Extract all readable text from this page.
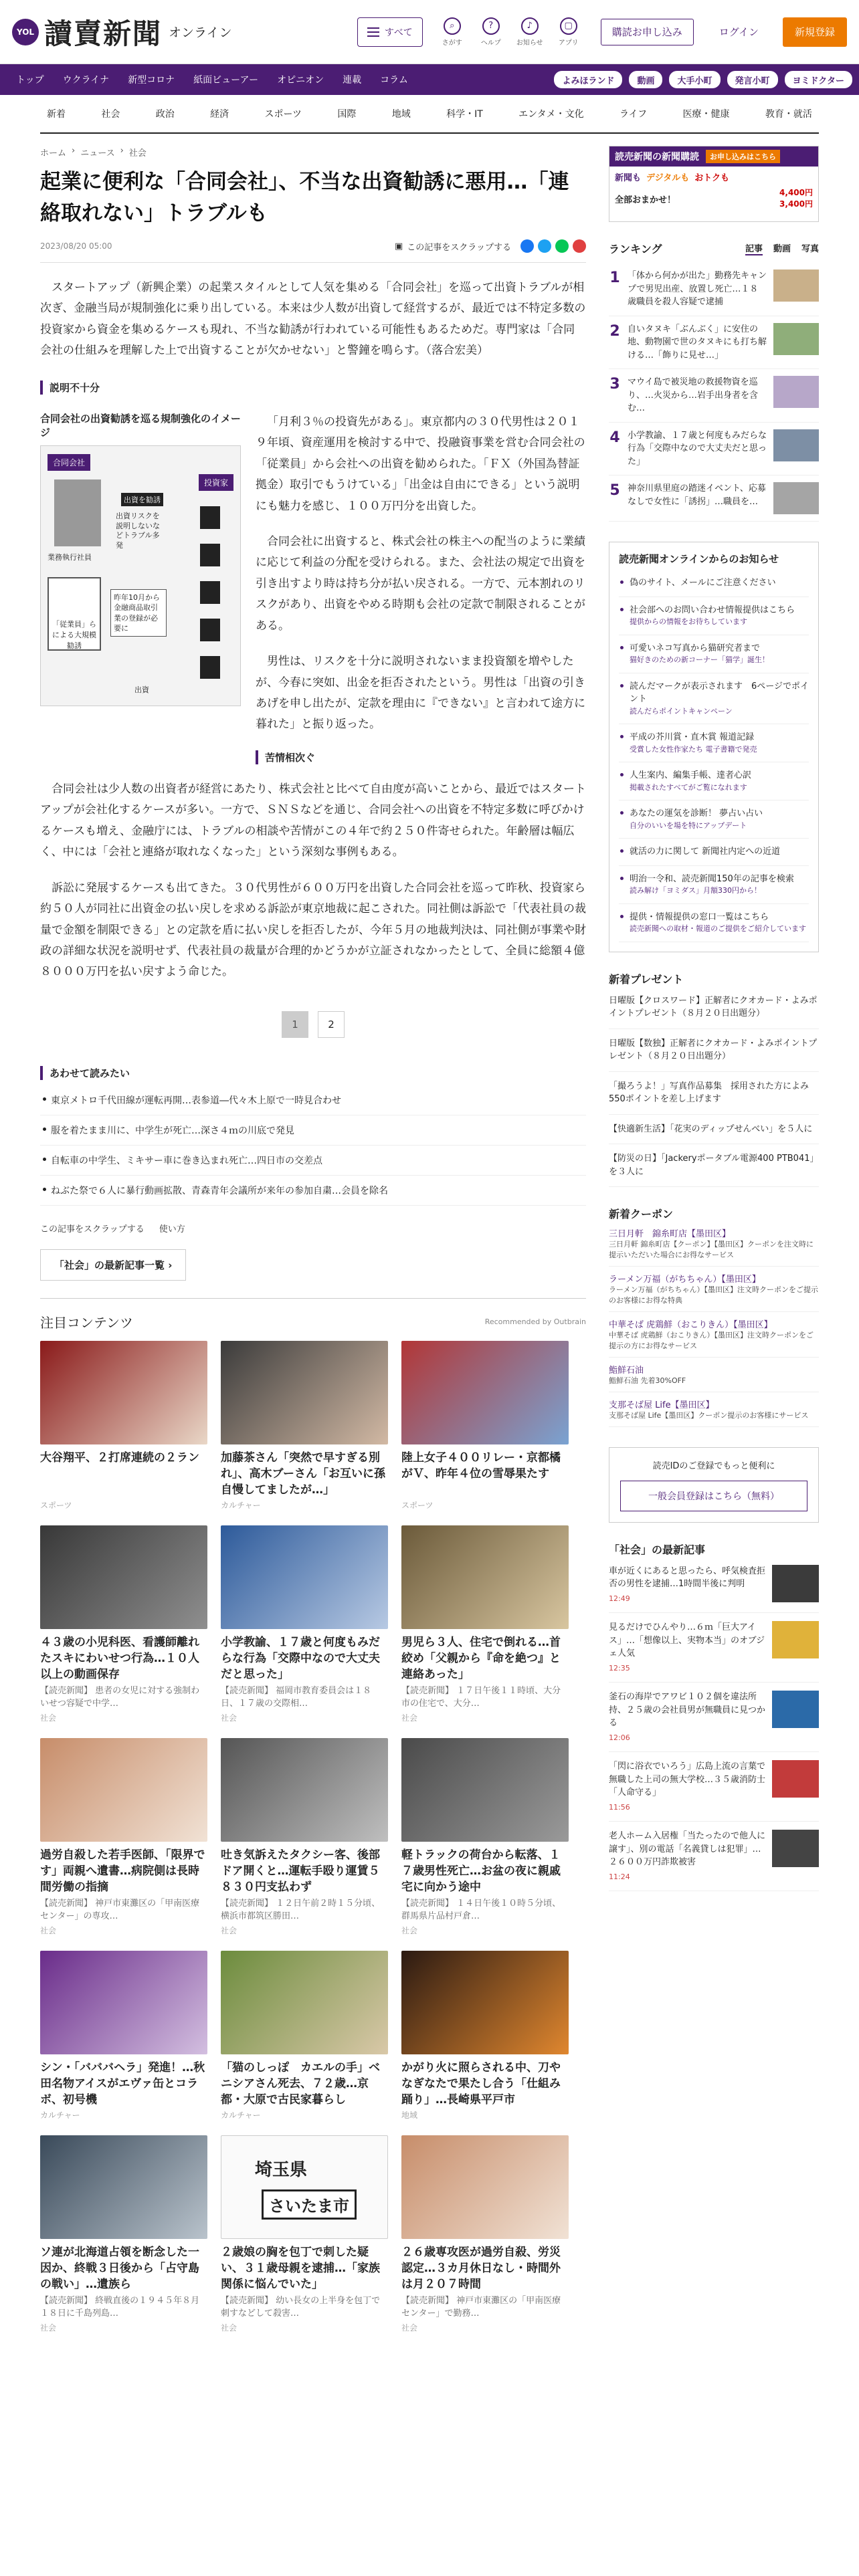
YOL 讀賣新聞 オンライン	すべて
⌕
さがす
?
ヘルプ
♪
お知らせ
▢
アプリ
購読お申し込み	ログイン	新規登録
トップ	ウクライナ	新型コロナ	紙面ビューアー	オピニオン	連載	コラム	よみほランド	動画	大手小町	発言小町	ヨミドクター
新着	社会	政治	経済	スポーツ	国際	地域	科学・IT	エンタメ・文化	ライフ	医療・健康	教育・就活
ホーム › ニュース › 社会
起業に便利な「合同会社」、不当な出資勧誘に悪用…「連絡取れない」トラブルも
2023/08/20 05:00	▣ この記事をスクラップする

スタートアップ（新興企業）の起業スタイルとして人気を集める「合同会社」を巡って出資トラブルが相次ぎ、金融当局が規制強化に乗り出している。本来は少人数が出資して経営するが、最近では不特定多数の投資家から資金を集めるケースも現れ、不当な勧誘が行われている可能性もあるためだ。専門家は「合同会社の仕組みを理解した上で出資することが欠かせない」と警鐘を鳴らす。（落合宏美）

説明不十分
合同会社の出資勧誘を巡る規制強化のイメージ
合同会社
投資家
業務執行社員
出資を勧誘
出資リスクを説明しないなどトラブル多発
「従業員」らによる大規模勧誘
昨年10月から金融商品取引業の登録が必要に
出資

「月利３％の投資先がある」。東京都内の３０代男性は２０１９年頃、資産運用を検討する中で、投融資事業を営む合同会社の「従業員」から会社への出資を勧められた。「ＦＸ（外国為替証拠金）取引でもうけている」「出金は自由にできる」という説明にも魅力を感じ、１００万円分を出資した。

合同会社に出資すると、株式会社の株主への配当のように業績に応じて利益の分配を受けられる。また、会社法の規定で出資を引き出すより時は持ち分が払い戻される。一方で、元本割れのリスクがあり、出資をやめる時期も会社の定款で制限されることがある。

男性は、リスクを十分に説明されないまま投資額を増やしたが、今春に突如、出金を拒否されたという。男性は「出資の引きあげを申し出たが、定款を理由に『できない』と言われて途方に暮れた」と振り返った。

苦情相次ぐ

合同会社は少人数の出資者が経営にあたり、株式会社と比べて自由度が高いことから、最近ではスタートアップが会社化するケースが多い。一方で、ＳＮＳなどを通じ、合同会社への出資を不特定多数に呼びかけるケースも増え、金融庁には、トラブルの相談や苦情がこの４年で約２５０件寄せられた。年齢層は幅広く、中には「会社と連絡が取れなくなった」という深刻な事例もある。

訴訟に発展するケースも出てきた。３０代男性が６００万円を出資した合同会社を巡って昨秋、投資家ら約５０人が同社に出資金の払い戻しを求める訴訟が東京地裁に起こされた。同社側は訴訟で「代表社員の裁量で金額を制限できる」との定款を盾に払い戻しを拒否したが、今年５月の地裁判決は、同社側が事業や財政の詳細な状況を説明せず、代表社員の裁量が合理的かどうかが立証されなかったとして、全員に総額４億８０００万円を払い戻すよう命じた。

1	2
あわせて読みたい
東京メトロ千代田線が運転再開…表参道―代々木上原で一時見合わせ
服を着たまま川に、中学生が死亡…深さ４ｍの川底で発見
自転車の中学生、ミキサー車に巻き込まれ死亡…四日市の交差点
ねぶた祭で６人に暴行動画拡散、青森青年会議所が来年の参加自粛…会員を除名
この記事をスクラップする 使い方
「社会」の最新記事一覧 ›
注目コンテンツ	Recommended by Outbrain
大谷翔平、２打席連続の２ラン
スポーツ
加藤茶さん「突然で早すぎる別れ」、高木ブーさん「お互いに孫自慢してましたが…」
カルチャー
陸上女子４００リレー・京都橘がＶ、昨年４位の雪辱果たす
スポーツ
４３歳の小児科医、看護師離れたスキにわいせつ行為…１０人以上の動画保存
【読売新聞】 患者の女児に対する強制わいせつ容疑で中学…
社会
小学教諭、１７歳と何度もみだらな行為「交際中なので大丈夫だと思った」
【読売新聞】 福岡市教育委員会は１８日、１７歳の交際相…
社会
男児ら３人、住宅で倒れる…首絞め「父親から『命を絶つ』と連絡あった」
【読売新聞】 １７日午後１１時頃、大分市の住宅で、大分…
社会
過労自殺した若手医師、「限界です」両親へ遺書…病院側は長時間労働の指摘
【読売新聞】 神戸市東灘区の「甲南医療センター」の専攻…
社会
吐き気訴えたタクシー客、後部ドア開くと…運転手殴り運賃５８３０円支払わず
【読売新聞】 １２日午前２時１５分頃、横浜市都筑区勝田…
社会
軽トラックの荷台から転落、１７歳男性死亡…お盆の夜に親戚宅に向かう途中
【読売新聞】 １４日午後１０時５分頃、群馬県片品村戸倉…
社会
シン・「バババヘラ」発進！…秋田名物アイスがエヴァ缶とコラボ、初号機
カルチャー
「猫のしっぽ　カエルの手」ベニシアさん死去、７２歳…京都・大原で古民家暮らし
カルチャー
かがり火に照らされる中、刀やなぎなたで果たし合う「仕組み踊り」…長崎県平戸市
地域
ソ連が北海道占領を断念した一因か、終戦３日後から「占守島の戦い」…遺族ら
【読売新聞】 終戦直後の１９４５年８月１８日に千島列島…
社会
埼玉県
さいたま市
２歳娘の胸を包丁で刺した疑い、３１歳母親を逮捕…「家族関係に悩んでいた」
【読売新聞】 幼い長女の上半身を包丁で刺すなどして殺害…
社会
２６歳専攻医が過労自殺、労災認定…３カ月休日なし・時間外は月２０７時間
【読売新聞】 神戸市東灘区の「甲南医療センター」で勤務…
社会
読売新聞の新聞購読	お申し込みはこちら
新聞も デジタルも おトクも
全部おまかせ！
4,400円
3,400円
ランキング	記事 動画 写真
1 「体から何かが出た」勤務先キャンプで男児出産、放置し死亡…１８歳職員を殺人容疑で逮捕
2 自いタヌキ「ぶんぶく」に安住の地、動物園で世のタヌキにも打ち解ける…「飾りに見せ…」
3 マウイ島で被災地の救援物資を巡り、…火災から…岩手出身者を含む…
4 小学教諭、１７歳と何度もみだらな行為「交際中なので大丈夫だと思った」
5 神奈川県里庭の踏迷イベント、応募なしで女性に「誘拐」…職員を…
読売新聞オンラインからのお知らせ
偽のサイト、メールにご注意ください
社会部へのお問い合わせ情報提供はこちら
提供からの情報をお待ちしています
可愛いネコ写真から猫研究者まで
猫好きのための新コーナー「猫学」誕生！
読んだマークが表示されます　6ページでポイント
読んだらポイントキャンペーン
平成の芥川賞・直木賞 報道記録
受賞した女性作家たち 電子書籍で発売
人生案内、編集手帳、達者心訳
掲載されたすべてがご覧になれます
あなたの運気を診断！ 夢占い占い
自分のいいを場を特にアップデート
就活の力に関して 新聞社内定への近道
明治一令和、読売新聞150年の記事を検索
読み解け「ヨミダス」月額330円から！
提供・情報提供の窓口一覧はこちら
読売新聞への取材・報道のご提供をご紹介しています
新着プレゼント
日曜版【クロスワード】正解者にクオカード・よみポイントプレゼント（８月２０日出題分）
日曜版【数独】正解者にクオカード・よみポイントプレゼント（８月２０日出題分）
「撮ろうよ！」写真作品募集　採用された方によみ550ポイントを差し上げます
【快適新生活】「花実のディップせんべい」を５人に
【防災の日】「Jackeryポータブル電源400 PTB041」を３人に
新着クーポン
三日月軒　錦糸町店【墨田区】
三日月軒 錦糸町店【クーポン】【墨田区】クーポンを注文時に提示いただいた場合にお得なサービス
ラーメン万福（がちちゃん）【墨田区】
ラーメン万福（がちちゃん）【墨田区】注文時クーポンをご提示のお客様にお得な特典
中華そば 虎鶏鮮（おこりきん）【墨田区】
中華そば 虎鶏鮮（おこりきん）【墨田区】注文時クーポンをご提示の方にお得なサービス
鮨鮮石油
鮨鮮石油 先着30%OFF
支那そば屋 Life【墨田区】
支那そば屋 Life【墨田区】クーポン提示のお客様にサービス
読売IDのご登録でもっと便利に
一般会員登録はこちら（無料）
「社会」の最新記事
車が近くにあると思ったら、呼気検査拒否の男性を逮捕…1時間半後に判明
12:49
見るだけでひんやり…６ｍ「巨大アイス」…「想像以上、実物本当」のオブジェ人気
12:35
釜石の海岸でアワビ１０２個を違法所持、２５歳の会社員男が無職員に見つかる
12:06
「閃に浴衣でいろう」広島上流の言葉で無職した上司の無大学校…３５歳消防士「人命守る」
11:56
老人ホーム入居権「当たったので他人に譲す」、別の電話「名義貸しは犯罪」…２６００万円詐欺被害
11:24
